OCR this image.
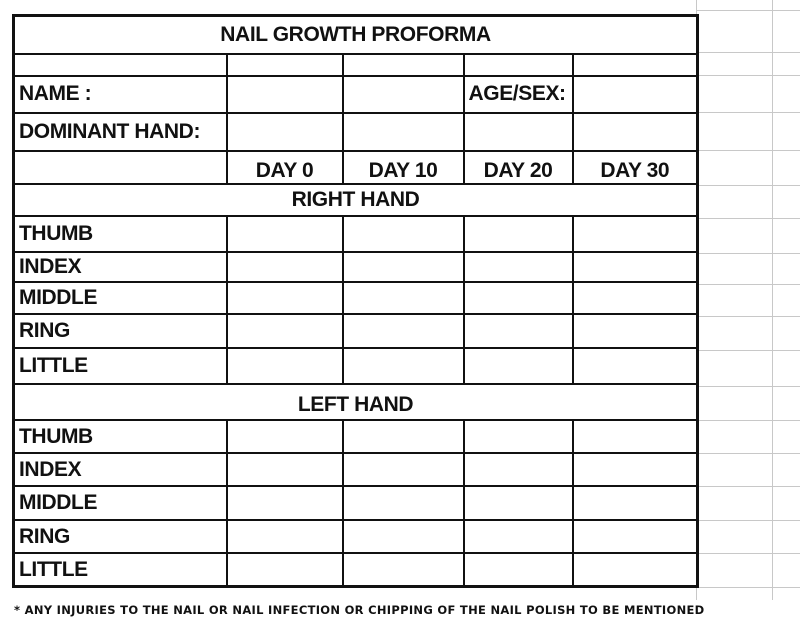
NAIL GROWTH PROFORMA				

NAME :			AGE/SEX:	
DOMINANT HAND:				
	DAY 0	DAY 10	DAY 20	DAY 30
RIGHT HAND				
THUMB				
INDEX				
MIDDLE				
RING				
LITTLE				
LEFT HAND				
THUMB				
INDEX				
MIDDLE				
RING				
LITTLE				
* ANY INJURIES TO THE NAIL OR NAIL INFECTION OR CHIPPING OF THE NAIL POLISH TO BE MENTIONED
